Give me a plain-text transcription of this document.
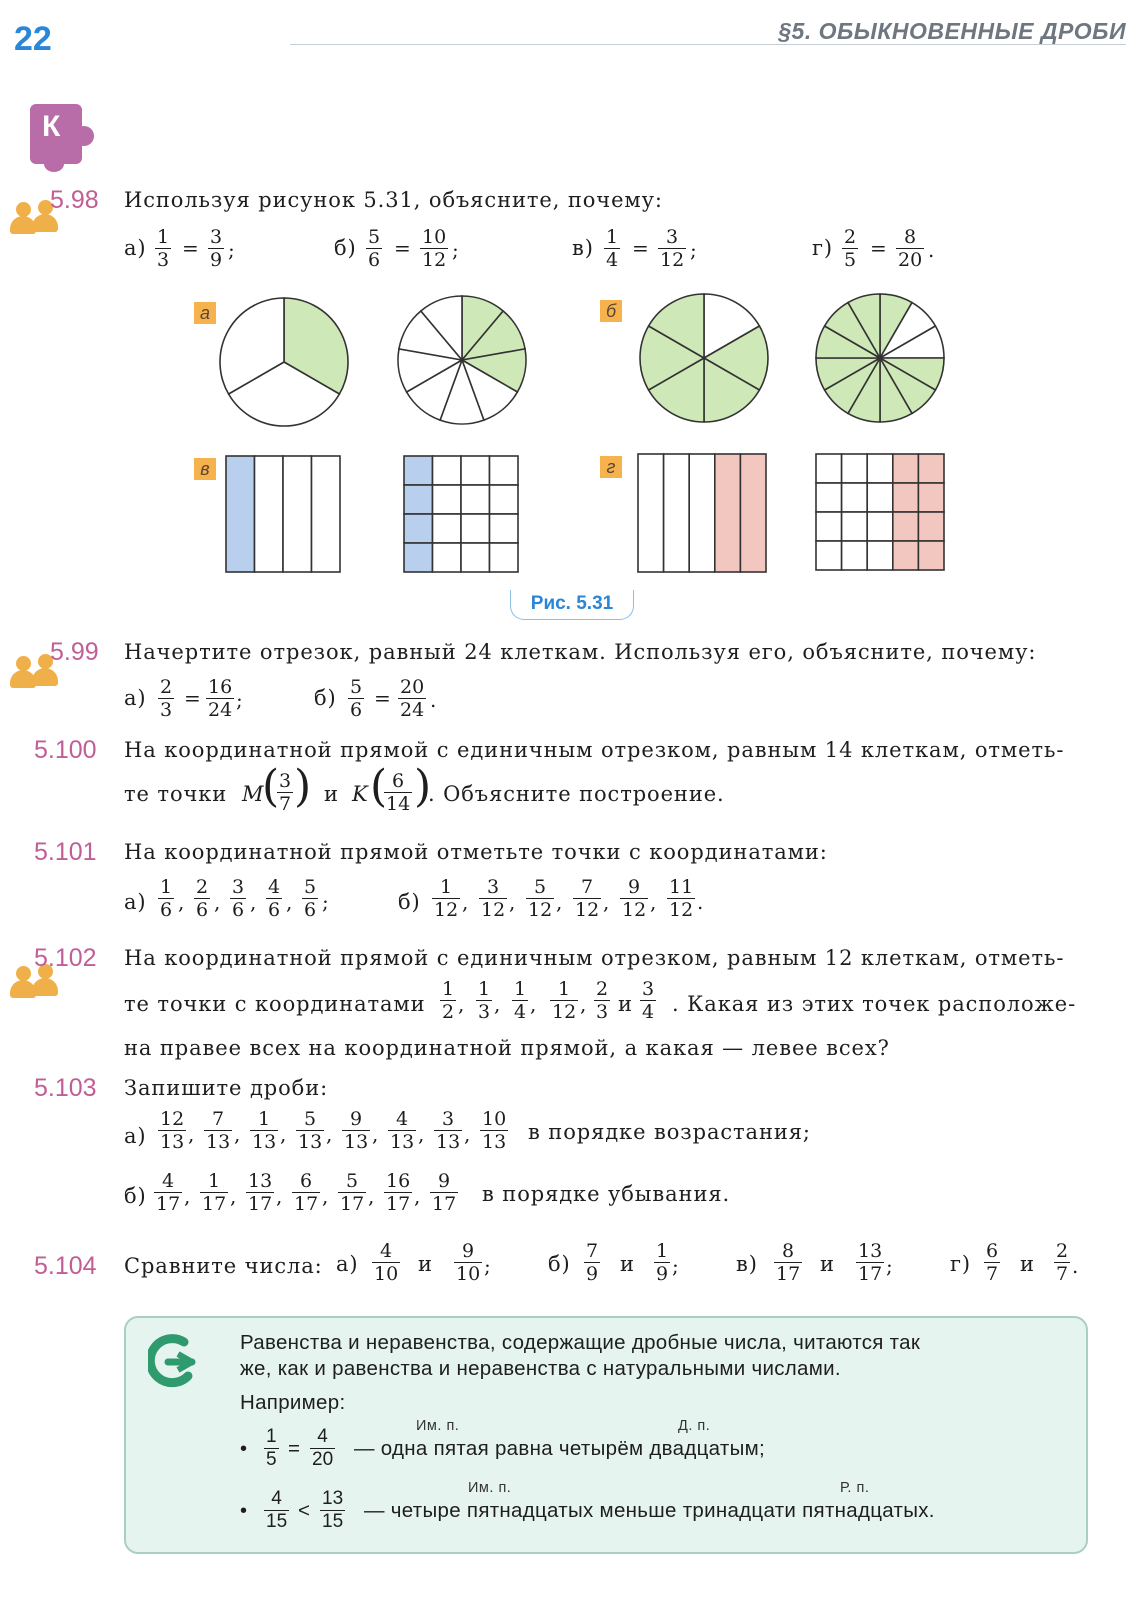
22	§5. ОБЫКНОВЕННЫЕ ДРОБИ
К
5.98 Используя рисунок 5.31, объясните, почему:
а) 1
3 = 3
9 ;	б) 5
6 = 10
12 ;	в) 1
4 = 3
12 ;	г) 2
5 = 8
20 .
а	б
в	г
Рис. 5.31
5.99 Начертите отрезок, равный 24 клеткам. Используя его, объясните, почему:
а) 2
3 = 16
24 ;	б) 5
6 = 20
24 .
5.100 На координатной прямой с единичным отрезком, равным 14 клеткам, отметь-
те точки M
( 3
7 ) и K ( 6
14 )
. Объясните построение.
5.101 На координатной прямой отметьте точки с координатами:
а)
1
6 ,
2
6 ,
3
6 ,
4
6 ,
5
6 ;	б)
1
12 ,
3
12 ,
5
12 ,
7
12 ,
9
12 ,
11
12 .
5.102 На координатной прямой с единичным отрезком, равным 12 клеткам, отметь-
те точки с координатами
1
2 ,
1
3 ,
1
4 ,
1
12 ,
2
3 и
3
4 . Какая из этих точек расположе-
на правее всех на координатной прямой, а какая — левее всех?
5.103 Запишите дроби:
а)
12
13 ,
7
13 ,
1
13 ,
5
13 ,
9
13 ,
4
13 ,
3
13 ,
10
13 в порядке возрастания;
б)
4
17 ,
1
17 ,
13
17 ,
6
17 ,
5
17 ,
16
17 ,
9
17 в порядке убывания.
5.104 Сравните числа: а)
4
10 и
9
10 ;	б)
7
9 и
1
9 ;	в)
8
17 и
13
17 ;	г)
6
7 и
2
7 .
Равенства и неравенства, содержащие дробные числа, читаются так
же, как и равенства и неравенства с натуральными числами.
Например:
Им. п.	Д. п.
•
1
5 =
4
20 — одна пятая равна четырём двадцатым;
Им. п.	Р. п.
•
4
15 <
13
15 — четыре пятнадцатых меньше тринадцати пятнадцатых.
